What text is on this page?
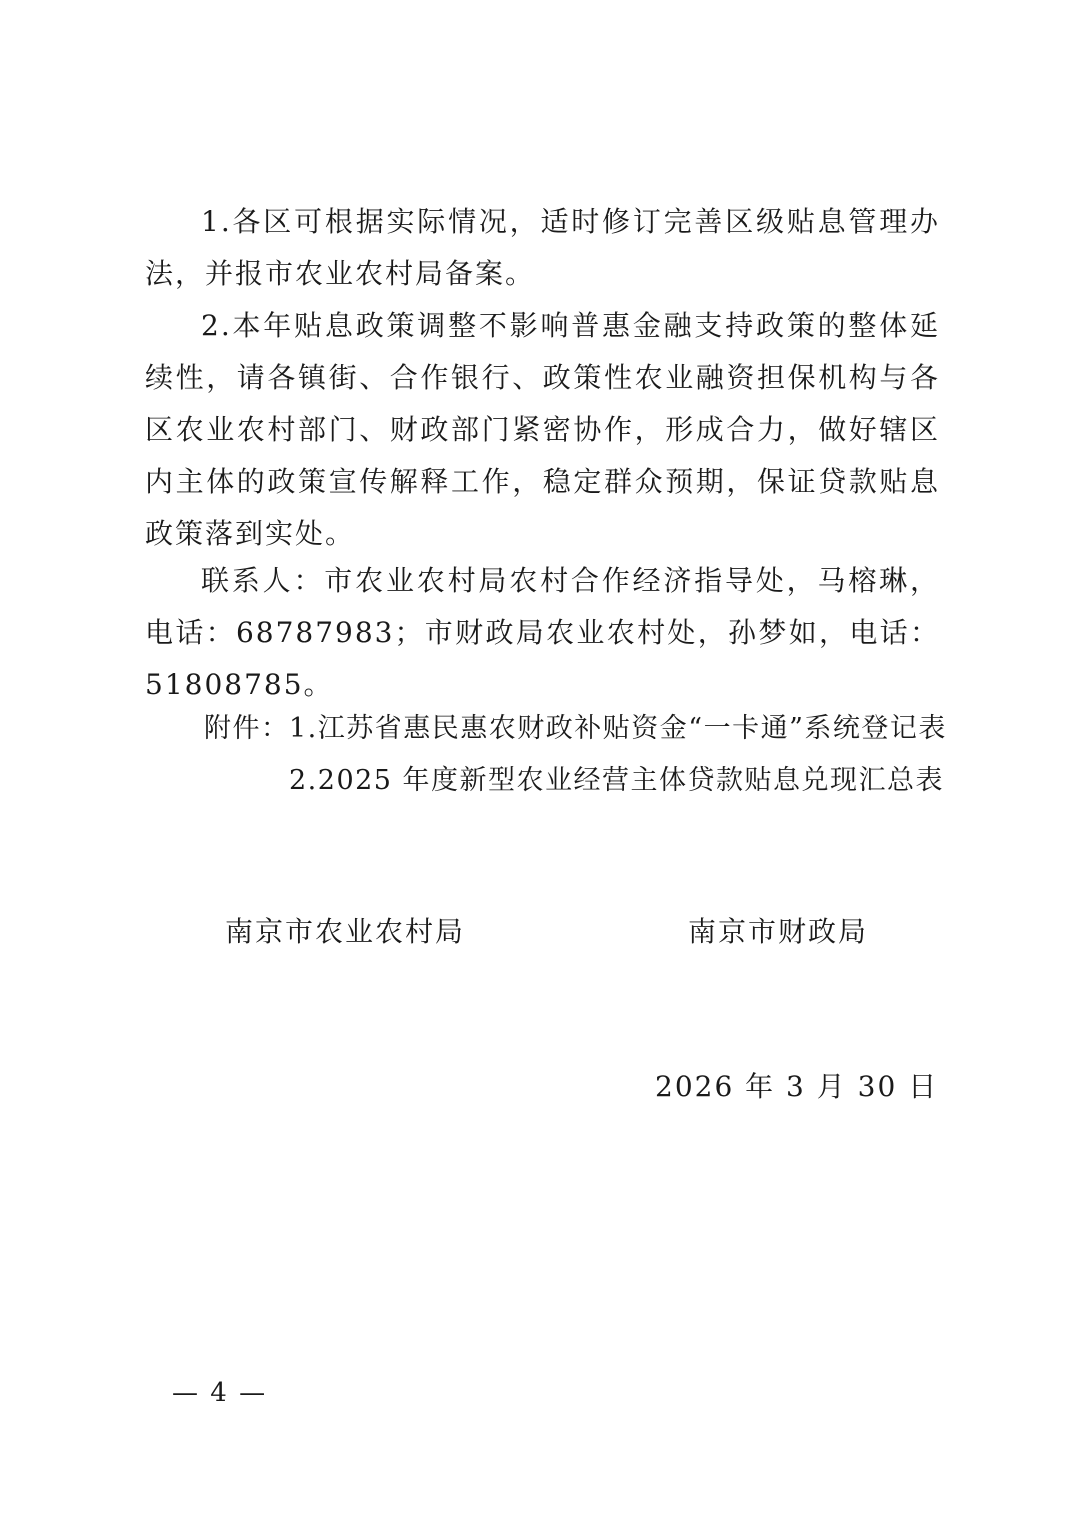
1.各区可根据实际情况，适时修订完善区级贴息管理办法，并报市农业农村局备案。

2.本年贴息政策调整不影响普惠金融支持政策的整体延续性，请各镇街、合作银行、政策性农业融资担保机构与各区农业农村部门、财政部门紧密协作，形成合力，做好辖区内主体的政策宣传解释工作，稳定群众预期，保证贷款贴息政策落到实处。

联系人：市农业农村局农村合作经济指导处，马榕琳，电话：68787983；市财政局农业农村处，孙梦如，电话：51808785。

附件： 1.江苏省惠民惠农财政补贴资金“一卡通”系统登记表
2.2025 年度新型农业经营主体贷款贴息兑现汇总表
南京市农业农村局	南京市财政局
2026 年 3 月 30 日
— 4 —
